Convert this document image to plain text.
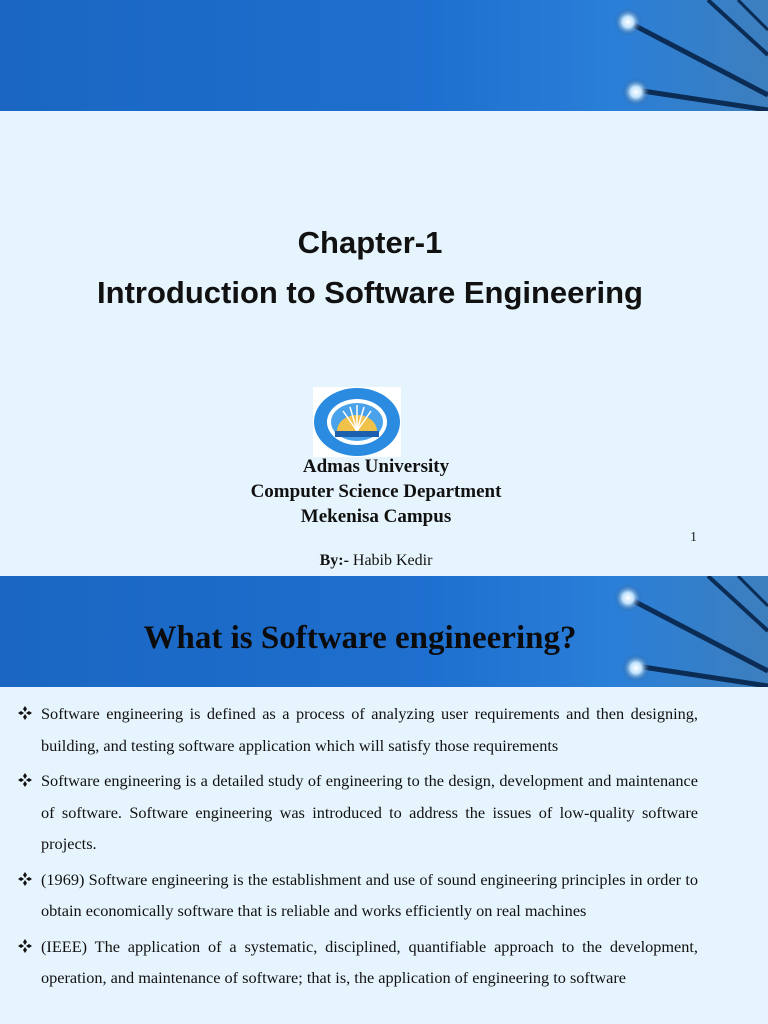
Chapter-1
Introduction to Software Engineering

Admas University

Computer Science Department

Mekenisa Campus

1
By:- Habib Kedir
What is Software engineering?
Software engineering is defined as a process of analyzing user requirements and then designing, building, and testing software application which will satisfy those requirements
Software engineering is a detailed study of engineering to the design, development and maintenance of software. Software engineering was introduced to address the issues of low-quality software projects.
(1969) Software engineering is the establishment and use of sound engineering principles in order to obtain economically software that is reliable and works efficiently on real machines
(IEEE) The application of a systematic, disciplined, quantifiable approach to the development, operation, and maintenance of software; that is, the application of engineering to software
